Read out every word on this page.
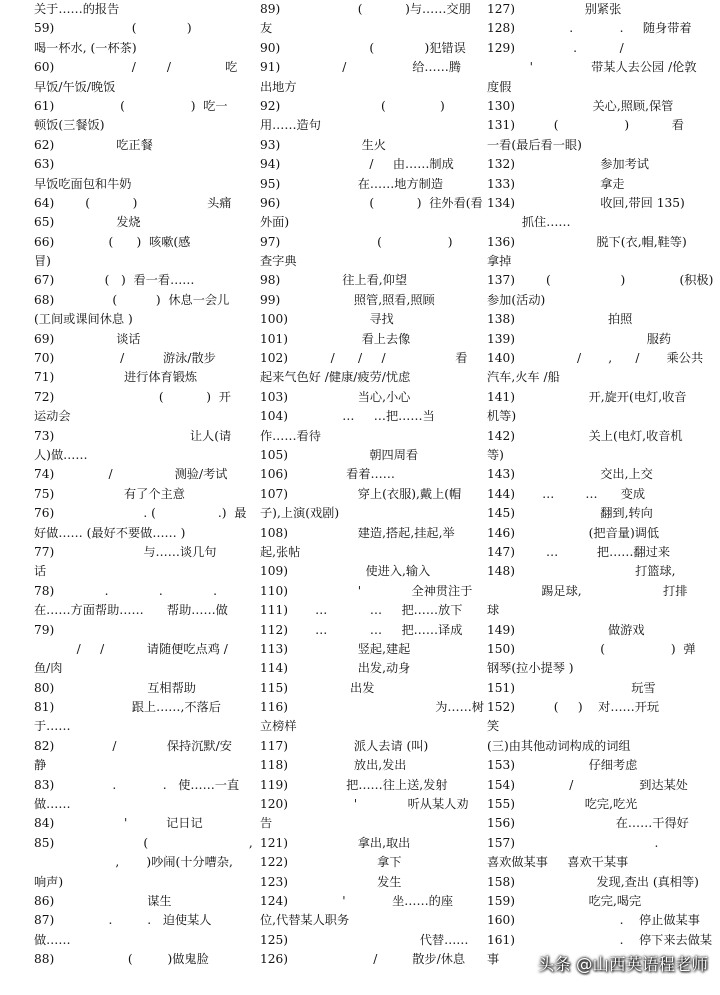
关于……的报告
59)                    (             )
喝一杯水, (一杯茶)
60)                    /        /              吃
早饭/午饭/晚饭
61)                 (                 )  吃一
顿饭(三餐饭)
62)                吃正餐
63)
早饭吃面包和牛奶
64)        (           )                  头痛
65)                发烧
66)              (      )  咳嗽(感
冒)
67)             (   )  看一看……
68)               (          )  休息一会儿
(工间或课间休息 )
69)                谈话
70)                 /          游泳/散步
71)                  进行体育锻炼
72)                           (           )  开
运动会
73)                                   让人(请
人)做……
74)              /                测验/考试
75)                  有了个主意
76)                       . (                .)  最
好做…… (最好不要做…… )
77)                       与……谈几句
话
78)             .             .             .
在……方面帮助……      帮助……做
79)
/     /           请随便吃点鸡 /
鱼/肉
80)                        互相帮助
81)                    跟上……,不落后
于……
82)               /             保持沉默/安
静
83)               .            .   使……一直
做……
84)                  '          记日记
85)                       (                          ,
,       )吵闹(十分嘈杂,
响声)
86)                        谋生
87)              .         .   迫使某人
做……
88)                   (         )做鬼脸
89)                    (           )与……交朋
友
90)                       (             )犯错误
91)                /                 给……腾
出地方
92)                          (              )
用……造句
93)                     生火
94)                       /     由……制成
95)                    在……地方制造
96)                       (           )  往外看(看
外面)
97)                         (                 )
查字典
98)                往上看,仰望
99)                   照管,照看,照顾
100)                     寻找
101)                   看上去像
102)           /      /     /                  看
起来气色好 /健康/疲劳/忧虑
103)                  当心,小心
104)              …     …把……当
作……看待
105)                     朝四周看
106)               看着……
107)                  穿上(衣服),戴上(帽
子),上演(戏剧)
108)                  建造,搭起,挂起,举
起,张帖
109)                    使进入,输入
110)                  '             全神贯注于
111)       …           …     把……放下
112)       …           …     把……译成
113)                  竖起,建起
114)                  出发,动身
115)                出发
116)                                      为……树
立榜样
117)                 派人去请 (叫)
118)                 放出,发出
119)               把……往上送,发射
120)                 '             听从某人劝
告
121)                  拿出,取出
122)                       拿下
123)                       发生
124)              '            坐……的座
位,代替某人职务
125)                                  代替……
126)                      /         散步/休息
127)                  别紧张
128)              .            .     随身带着
129)               .           /
'               带某人去公园 /伦敦
度假
130)                    关心,照顾,保管
131)          (                 )           看
一看(最后看一眼)
132)                      参加考试
133)                      拿走
134)                      收回,带回 135)
抓住……
136)                     脱下(衣,帽,鞋等)
拿掉
137)        (                  )              (积极)
参加(活动)
138)                        拍照
139)                                  服药
140)                /       ,      /       乘公共
汽车,火车 /船
141)                   开,旋开(电灯,收音
机等)
142)                   关上(电灯,收音机
等)
143)                      交出,上交
144)       …        …      变成
145)                      翻到,转向
146)                   (把音量)调低
147)        …          把……翻过来
148)                               打篮球,
踢足球,                     打排
球
149)                        做游戏
150)                      (                 )  弹
钢琴(拉小提琴 )
151)                              玩雪
152)          (     )    对……开玩
笑
(三)由其他动词构成的词组
153)                   仔细考虑
154)              /                 到达某处
155)                  吃完,吃光
156)                          在……干得好
157)                                    .
喜欢做某事     喜欢干某事
158)                     发现,查出 (真相等)
159)                   吃完,喝完
160)                           .    停止做某事
161)                           .    停下来去做某
事	头条 @山西英语程老师
